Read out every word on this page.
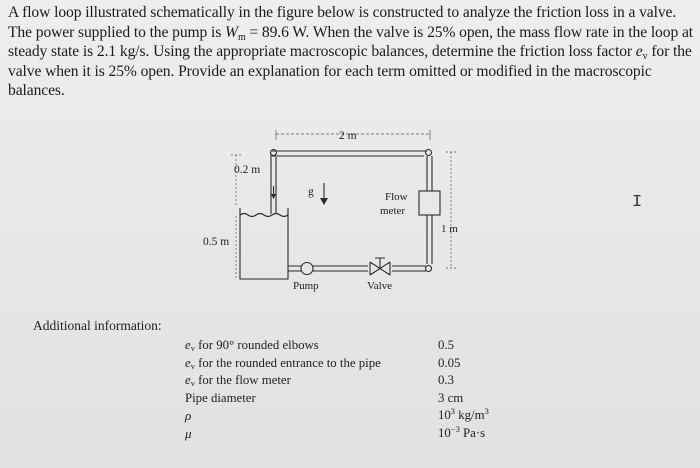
A flow loop illustrated schematically in the figure below is constructed to analyze the friction loss in a valve. The power supplied to the pump is $W_m = 89.6$ W. When the valve is 25% open, the mass flow rate in the loop at steady state is 2.1 kg/s. Using the appropriate macroscopic balances, determine the friction loss factor $e_v$ for the valve when it is 25% open. Provide an explanation for each term omitted or modified in the macroscopic balances.

2 m
0.2 m
g	Flow
meter
0.5 m
1 m
Pump	Valve
I
Additional information:
$e_v$ for 90° rounded elbows	0.5
$e_v$ for the rounded entrance to the pipe	0.05
$e_v$ for the flow meter	0.3
Pipe diameter	3 cm
ρ	$10^3$ $kg/m^3$
μ	$10^{-3}$ Pa·s
